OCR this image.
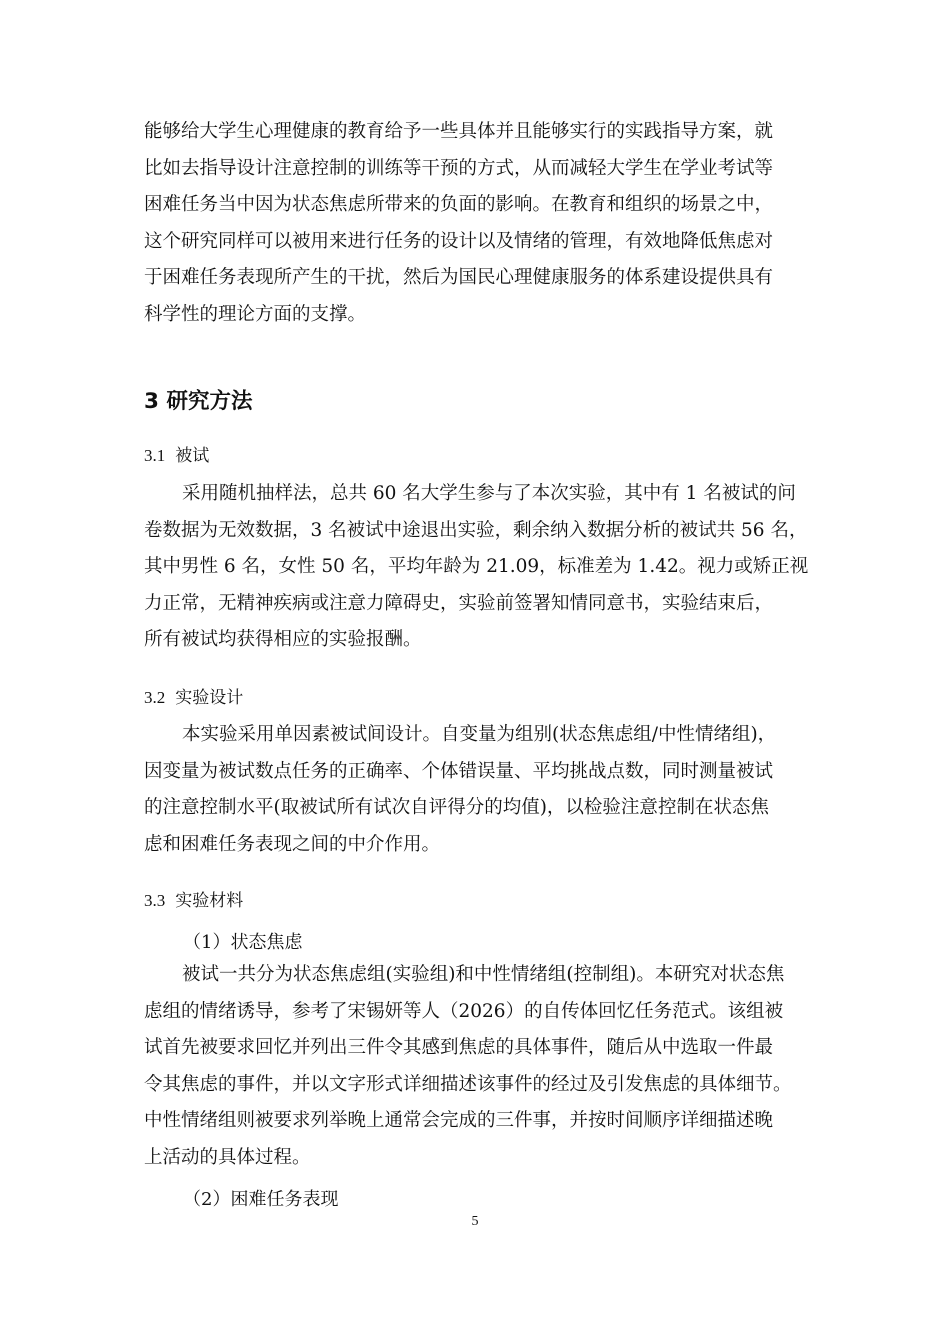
能够给大学生心理健康的教育给予一些具体并且能够实行的实践指导方案，就
比如去指导设计注意控制的训练等干预的方式，从而减轻大学生在学业考试等
困难任务当中因为状态焦虑所带来的负面的影响。在教育和组织的场景之中，
这个研究同样可以被用来进行任务的设计以及情绪的管理，有效地降低焦虑对
于困难任务表现所产生的干扰，然后为国民心理健康服务的体系建设提供具有
科学性的理论方面的支撑。
3 研究方法
3.1 被试
采用随机抽样法，总共 60 名大学生参与了本次实验，其中有 1 名被试的问
卷数据为无效数据，3 名被试中途退出实验，剩余纳入数据分析的被试共 56 名，
其中男性 6 名，女性 50 名，平均年龄为 21.09，标准差为 1.42。视力或矫正视
力正常，无精神疾病或注意力障碍史，实验前签署知情同意书，实验结束后，
所有被试均获得相应的实验报酬。
3.2 实验设计
本实验采用单因素被试间设计。自变量为组别(状态焦虑组/中性情绪组)，
因变量为被试数点任务的正确率、个体错误量、平均挑战点数，同时测量被试
的注意控制水平(取被试所有试次自评得分的均值)，以检验注意控制在状态焦
虑和困难任务表现之间的中介作用。
3.3 实验材料
（1）状态焦虑
被试一共分为状态焦虑组(实验组)和中性情绪组(控制组)。本研究对状态焦
虑组的情绪诱导，参考了宋锡妍等人（2026）的自传体回忆任务范式。该组被
试首先被要求回忆并列出三件令其感到焦虑的具体事件，随后从中选取一件最
令其焦虑的事件，并以文字形式详细描述该事件的经过及引发焦虑的具体细节。
中性情绪组则被要求列举晚上通常会完成的三件事，并按时间顺序详细描述晚
上活动的具体过程。
（2）困难任务表现
5
